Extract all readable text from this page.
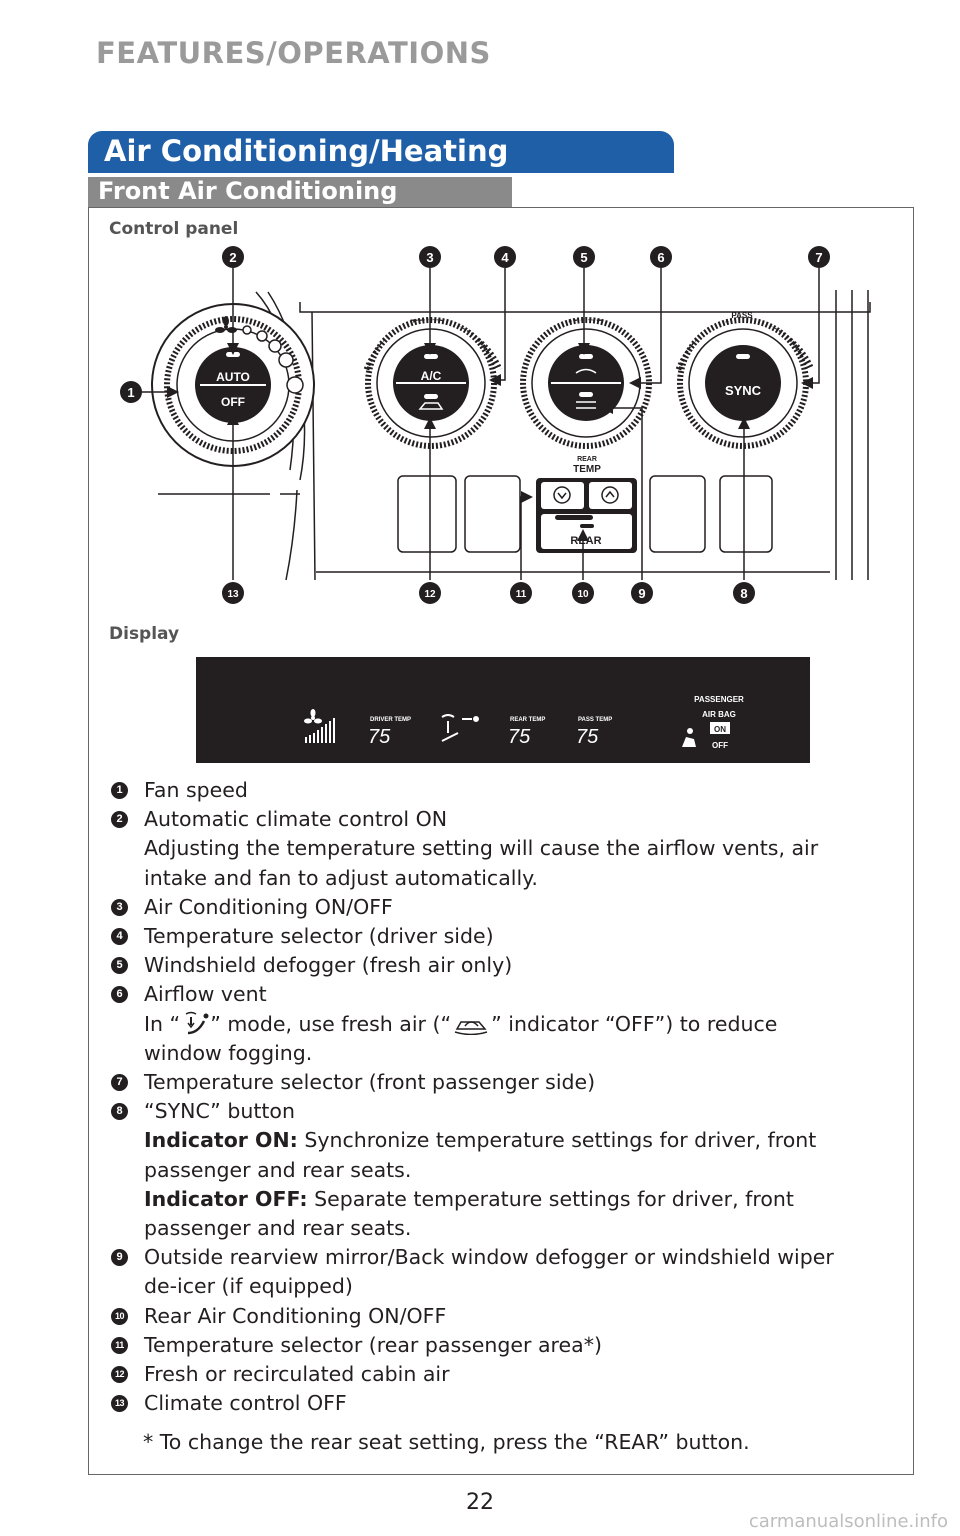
FEATURES/OPERATIONS
Air Conditioning/Heating
Front Air Conditioning
Control panel
AUTO
OFF
A/C
PASS
SYNC
REAR
TEMP
REAR
2	3	4	5	6	7
1
13	12	11	10	9	8
Display
DRIVER TEMP
75
REAR TEMP
75
PASS TEMP
75
PASSENGER
AIR BAG
ON
OFF
1 Fan speed
2 Automatic climate control ON
Adjusting the temperature setting will cause the airflow vents, air
intake and fan to adjust automatically.
3 Air Conditioning ON/OFF
4 Temperature selector (driver side)
5 Windshield defogger (fresh air only)
6 Airflow vent
In “ ” mode, use fresh air (“ ” indicator “OFF”) to reduce
window fogging.
7 Temperature selector (front passenger side)
8 “SYNC” button
Indicator ON: Synchronize temperature settings for driver, front
passenger and rear seats.
Indicator OFF: Separate temperature settings for driver, front
passenger and rear seats.
9 Outside rearview mirror/Back window defogger or windshield wiper
de-icer (if equipped)
10 Rear Air Conditioning ON/OFF
11 Temperature selector (rear passenger area*)
12 Fresh or recirculated cabin air
13 Climate control OFF
* To change the rear seat setting, press the “REAR” button.
22
carmanualsonline.info
